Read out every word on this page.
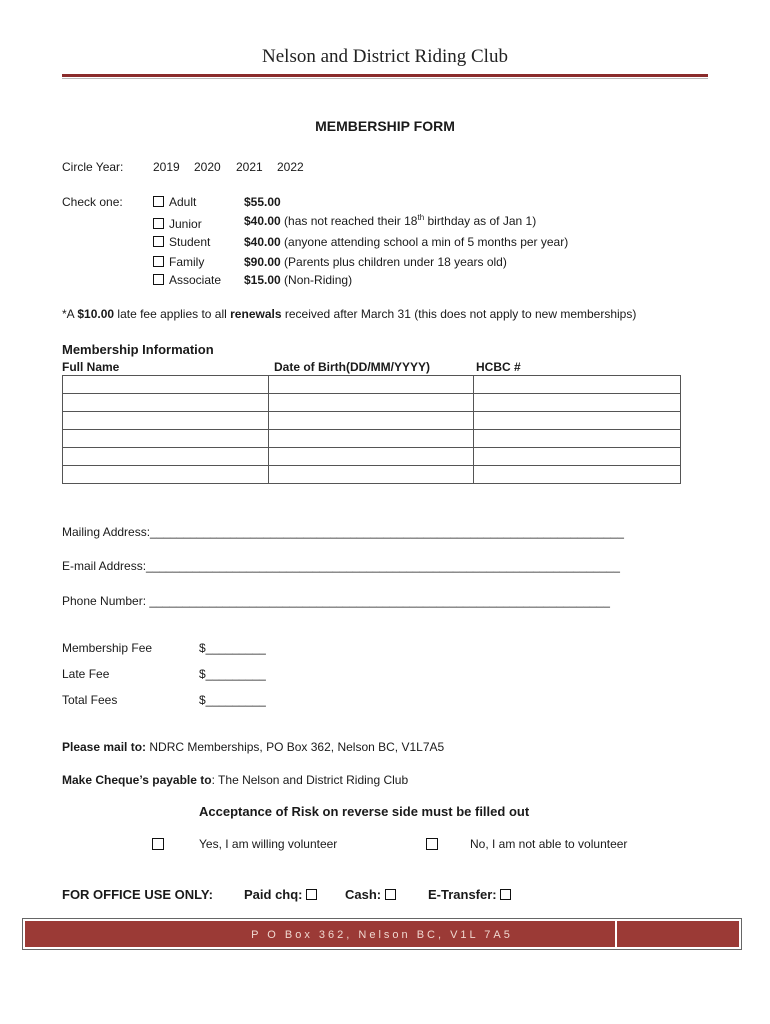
Nelson and District Riding Club
MEMBERSHIP FORM
Circle Year: 2019 2020 2021 2022
Check one:	Adult	$55.00
Junior	$40.00 (has not reached their 18th birthday as of Jan 1)
Student	$40.00 (anyone attending school a min of 5 months per year)
Family	$90.00 (Parents plus children under 18 years old)
Associate $15.00 (Non-Riding)
*A $10.00 late fee applies to all renewals received after March 31 (this does not apply to new memberships)
Membership Information
Full Name	Date of Birth(DD/MM/YYYY)	HCBC #

Mailing Address:_______________________________________________________________________
E-mail Address:_______________________________________________________________________
Phone Number: _____________________________________________________________________
Membership Fee	$_________
Late Fee	$_________
Total Fees	$_________
Please mail to: NDRC Memberships, PO Box 362, Nelson BC, V1L7A5
Make Cheque’s payable to: The Nelson and District Riding Club
Acceptance of Risk on reverse side must be filled out
Yes, I am willing volunteer	No, I am not able to volunteer
FOR OFFICE USE ONLY: Paid chq:	Cash:	E-Transfer:
P O Box 362, Nelson BC, V1L 7A5
